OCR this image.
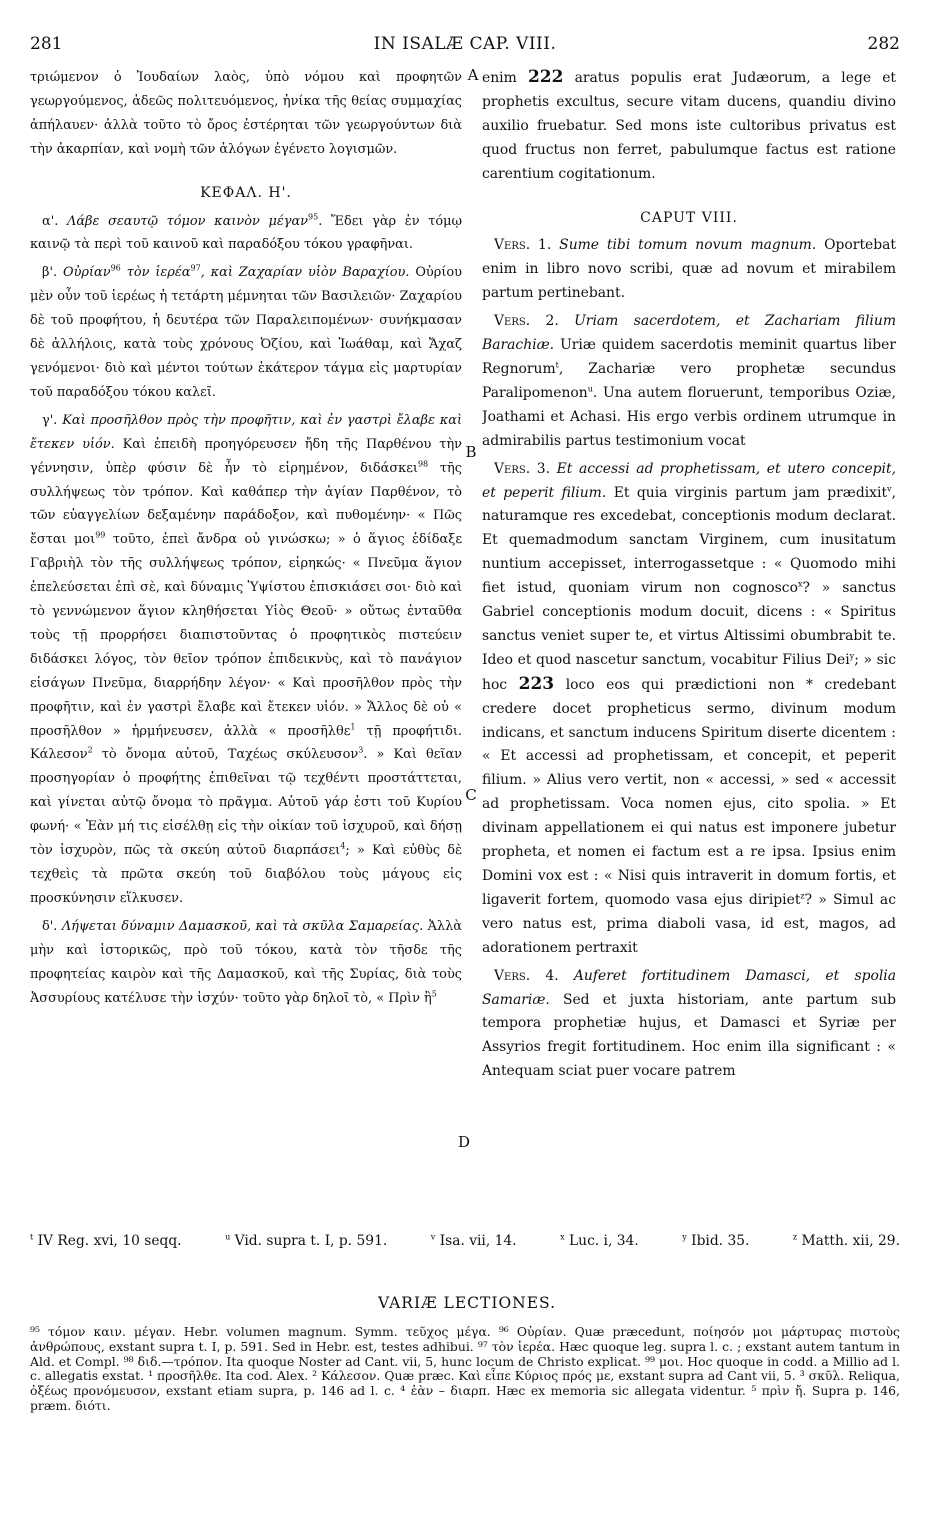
281	IN ISALÆ CAP. VIII.	282
A
B
C
D

τριώμενον ὁ Ἰουδαίων λαὸς, ὑπὸ νόμου καὶ προφητῶν γεωργούμενος, ἀδεῶς πολιτευόμενος, ἡνίκα τῆς θείας συμμαχίας ἀπήλαυεν· ἀλλὰ τοῦτο τὸ ὄρος ἐστέρηται τῶν γεωργούντων διὰ τὴν ἀκαρπίαν, καὶ νομὴ τῶν ἀλόγων ἐγένετο λογισμῶν.

ΚΕΦΑΛ. Η'.

α'. Λάβε σεαυτῷ τόμον καινὸν μέγαν$^{95}$. Ἔδει γὰρ ἐν τόμῳ καινῷ τὰ περὶ τοῦ καινοῦ καὶ παραδόξου τόκου γραφῆναι.

β'. Οὐρίαν$^{96}$ τὸν ἱερέα$^{97}$, καὶ Ζαχαρίαν υἱὸν Βαραχίου. Οὐρίου μὲν οὖν τοῦ ἱερέως ἡ τετάρτη μέμνηται τῶν Βασιλειῶν· Ζαχαρίου δὲ τοῦ προφήτου, ἡ δευτέρα τῶν Παραλειπομένων· συνήκμασαν δὲ ἀλλήλοις, κατὰ τοὺς χρόνους Ὀζίου, καὶ Ἰωάθαμ, καὶ Ἄχαζ γενόμενοι· διὸ καὶ μέντοι τούτων ἑκάτερον τάγμα εἰς μαρτυρίαν τοῦ παραδόξου τόκου καλεῖ.

γ'. Καὶ προσῆλθον πρὸς τὴν προφῆτιν, καὶ ἐν γαστρὶ ἔλαβε καὶ ἔτεκεν υἱόν. Καὶ ἐπειδὴ προηγόρευσεν ἤδη τῆς Παρθένου τὴν γέννησιν, ὑπὲρ φύσιν δὲ ἦν τὸ εἰρημένον, διδάσκει$^{98}$ τῆς συλλήψεως τὸν τρόπον. Καὶ καθάπερ τὴν ἁγίαν Παρθένον, τὸ τῶν εὐαγγελίων δεξαμένην παράδοξον, καὶ πυθομένην· « Πῶς ἔσται μοι$^{99}$ τοῦτο, ἐπεὶ ἄνδρα οὐ γινώσκω; » ὁ ἅγιος ἐδίδαξε Γαβριὴλ τὸν τῆς συλλήψεως τρόπον, εἰρηκώς· « Πνεῦμα ἅγιον ἐπελεύσεται ἐπὶ σὲ, καὶ δύναμις Ὑψίστου ἐπισκιάσει σοι· διὸ καὶ τὸ γεννώμενον ἅγιον κληθήσεται Υἱὸς Θεοῦ· » οὕτως ἐνταῦθα τοὺς τῇ προρρήσει διαπιστοῦντας ὁ προφητικὸς πιστεύειν διδάσκει λόγος, τὸν θεῖον τρόπον ἐπιδεικνὺς, καὶ τὸ πανάγιον εἰσάγων Πνεῦμα, διαρρήδην λέγον· « Καὶ προσῆλθον πρὸς τὴν προφῆτιν, καὶ ἐν γαστρὶ ἔλαβε καὶ ἔτεκεν υἱόν. » Ἄλλος δὲ οὐ « προσῆλθον » ἡρμήνευσεν, ἀλλὰ « προσῆλθε$^1$ τῇ προφήτιδι. Κάλεσον$^2$ τὸ ὄνομα αὐτοῦ, Ταχέως σκύλευσον$^3$. » Καὶ θεῖαν προσηγορίαν ὁ προφήτης ἐπιθεῖναι τῷ τεχθέντι προστάττεται, καὶ γίνεται αὐτῷ ὄνομα τὸ πρᾶγμα. Αὐτοῦ γάρ ἐστι τοῦ Κυρίου φωνή· « Ἐὰν μή τις εἰσέλθῃ εἰς τὴν οἰκίαν τοῦ ἰσχυροῦ, καὶ δήσῃ τὸν ἰσχυρὸν, πῶς τὰ σκεύη αὐτοῦ διαρπάσει$^4$; » Καὶ εὐθὺς δὲ τεχθεὶς τὰ πρῶτα σκεύη τοῦ διαβόλου τοὺς μάγους εἰς προσκύνησιν εἵλκυσεν.

δ'. Λήψεται δύναμιν Δαμασκοῦ, καὶ τὰ σκῦλα Σαμαρείας. Ἀλλὰ μὴν καὶ ἱστορικῶς, πρὸ τοῦ τόκου, κατὰ τὸν τῆσδε τῆς προφητείας καιρὸν καὶ τῆς Δαμασκοῦ, καὶ τῆς Συρίας, διὰ τοὺς Ἀσσυρίους κατέλυσε τὴν ἰσχύν· τοῦτο γὰρ δηλοῖ τὸ, « Πρὶν ἢ$^5$

enim 222 aratus populis erat Judæorum, a lege et prophetis excultus, secure vitam ducens, quandiu divino auxilio fruebatur. Sed mons iste cultoribus privatus est quod fructus non ferret, pabulumque factus est ratione carentium cogitationum.

CAPUT VIII.

Vers. 1. Sume tibi tomum novum magnum. Oportebat enim in libro novo scribi, quæ ad novum et mirabilem partum pertinebant.

Vers. 2. Uriam sacerdotem, et Zachariam filium Barachiæ. Uriæ quidem sacerdotis meminit quartus liber Regnorum$^t$, Zachariæ vero prophetæ secundus Paralipomenon$^u$. Una autem floruerunt, temporibus Oziæ, Joathami et Achasi. His ergo verbis ordinem utrumque in admirabilis partus testimonium vocat

Vers. 3. Et accessi ad prophetissam, et utero concepit, et peperit filium. Et quia virginis partum jam prædixit$^v$, naturamque res excedebat, conceptionis modum declarat. Et quemadmodum sanctam Virginem, cum inusitatum nuntium accepisset, interrogassetque : « Quomodo mihi fiet istud, quoniam virum non cognosco$^x$? » sanctus Gabriel conceptionis modum docuit, dicens : « Spiritus sanctus veniet super te, et virtus Altissimi obumbrabit te. Ideo et quod nascetur sanctum, vocabitur Filius Dei$^y$; » sic hoc 223 loco eos qui prædictioni non * credebant credere docet propheticus sermo, divinum modum indicans, et sanctum inducens Spiritum diserte dicentem : « Et accessi ad prophetissam, et concepit, et peperit filium. » Alius vero vertit, non « accessi, » sed « accessit ad prophetissam. Voca nomen ejus, cito spolia. » Et divinam appellationem ei qui natus est imponere jubetur propheta, et nomen ei factum est a re ipsa. Ipsius enim Domini vox est : « Nisi quis intraverit in domum fortis, et ligaverit fortem, quomodo vasa ejus diripiet$^z$? » Simul ac vero natus est, prima diaboli vasa, id est, magos, ad adorationem pertraxit

Vers. 4. Auferet fortitudinem Damasci, et spolia Samariæ. Sed et juxta historiam, ante partum sub tempora prophetiæ hujus, et Damasci et Syriæ per Assyrios fregit fortitudinem. Hoc enim illa significant : « Antequam sciat puer vocare patrem

$^t$ IV Reg. xvi, 10 seqq.	$^u$ Vid. supra t. I, p. 591.	$^v$ Isa. vii, 14.	$^x$ Luc. i, 34.	$^y$ Ibid. 35.	$^z$ Matth. xii, 29.
VARIÆ LECTIONES.

⁹⁵ τόμον καιν. μέγαν. Hebr. volumen magnum. Symm. τεῦχος μέγα. ⁹⁶ Οὐρίαν. Quæ præcedunt, ποίησόν μοι μάρτυρας πιστοὺς ἀνθρώπους, exstant supra t. I, p. 591. Sed in Hebr. est, testes adhibui. ⁹⁷ τὸν ἱερέα. Hæc quoque leg. supra l. c. ; exstant autem tantum in Ald. et Compl. ⁹⁸ διδ.—τρόπον. Ita quoque Noster ad Cant. vii, 5, hunc locum de Christo explicat. ⁹⁹ μοι. Hoc quoque in codd. a Millio ad l. c. allegatis exstat. ¹ προσῆλθε. Ita cod. Alex. ² Κάλεσον. Quæ præc. Καὶ εἶπε Κύριος πρός με, exstant supra ad Cant vii, 5. ³ σκῦλ. Reliqua, ὀξέως προνόμευσον, exstant etiam supra, p. 146 ad l. c. ⁴ ἐὰν – διαρπ. Hæc ex memoria sic allegata videntur. ⁵ πρὶν ἤ. Supra p. 146, præm. διότι.
